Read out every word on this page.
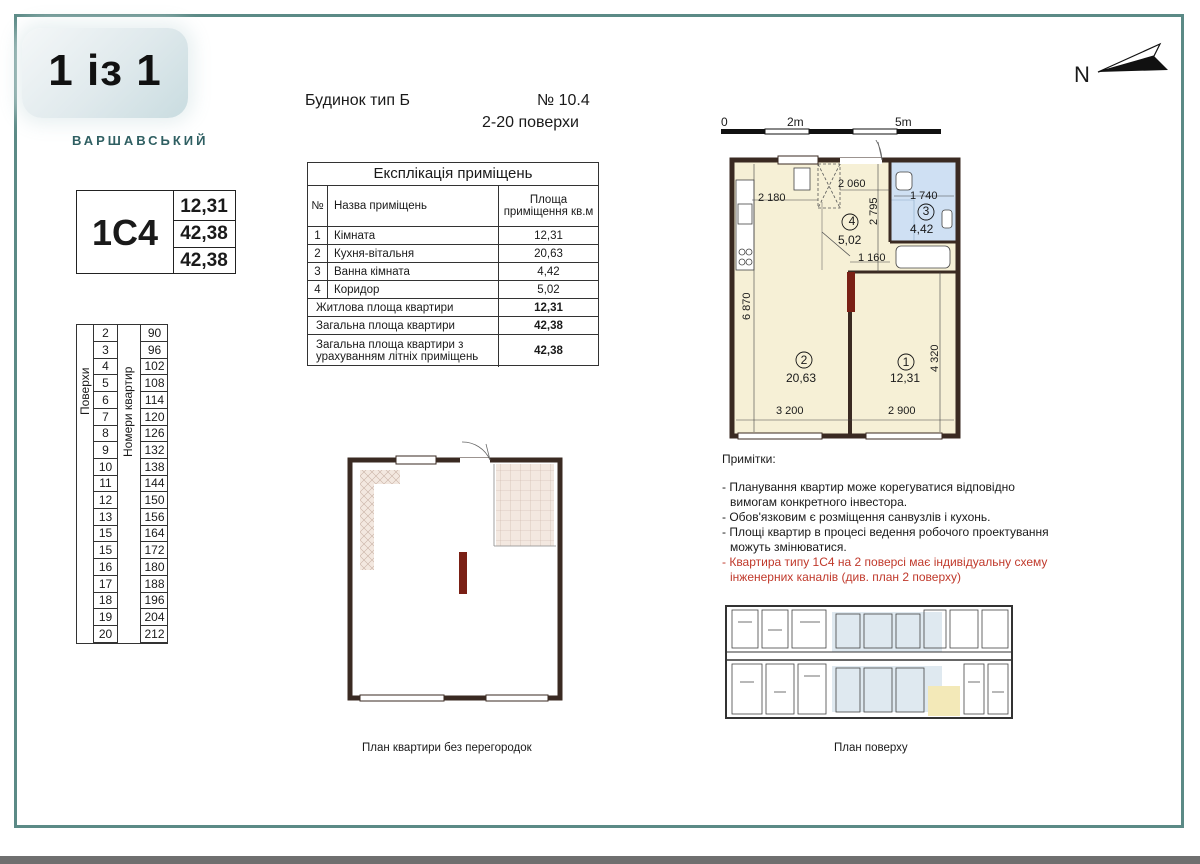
1 із 1
ВАРШАВСЬКИЙ
1С4
12,31
42,38
42,38
Поверхи Номери квартир
2	90
3	96
4	102
5	108
6	114
7	120
8	126
9	132
10	138
11	144
12	150
13	156
15	164
15	172
16	180
17	188
18	196
19	204
20	212
Будинок тип Б	№ 10.4
2-20 поверхи
Експлікація приміщень
№ Назва приміщень	Площа приміщення кв.м
1	Кімната	12,31
2	Кухня-вітальня	20,63
3	Ванна кімната	4,42
4	Коридор	5,02
Житлова площа квартири	12,31
Загальна площа квартири	42,38
Загальна площа квартири з урахуванням літніх приміщень	42,38
0	2m	5m
N
2 180
2 060
1 740
2 795
1 160
6 870
4 320
3 200	2 900
4
5,02
3
4,42
2
20,63
1
12,31

Примітки:

- Планування квартир може корегуватися відповідно

вимогам конкретного інвестора.

- Обов'язковим є розміщення санвузлів і кухонь.

- Площі квартир в процесі ведення робочого проектування

можуть змінюватися.

- Квартира типу 1С4 на 2 поверсі має індивідуальну схему

інженерних каналів (див. план 2 поверху)

План квартири без перегородок	План поверху
